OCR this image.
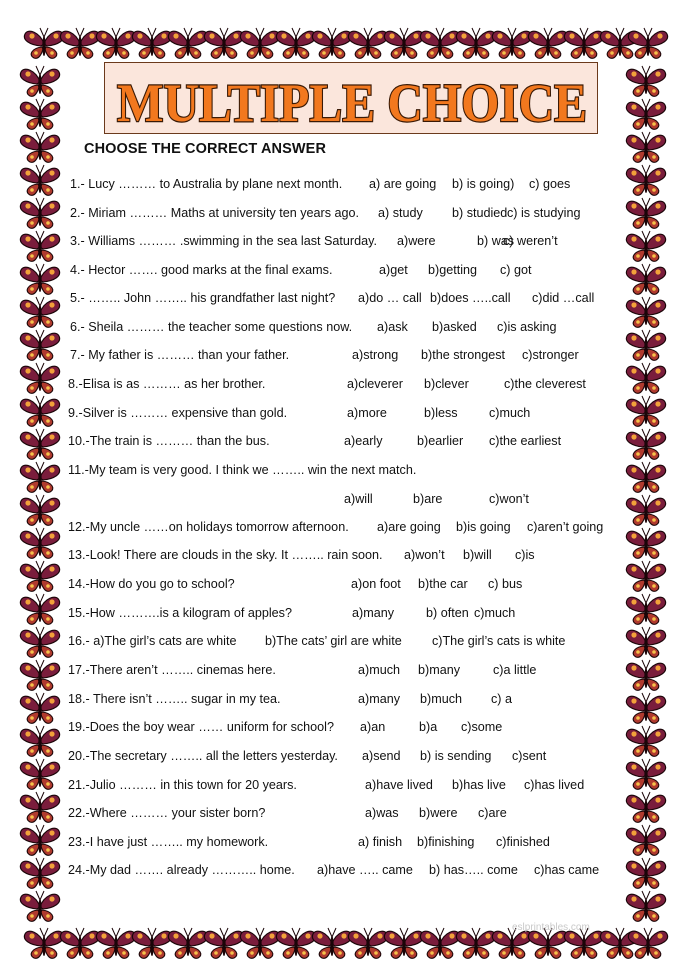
MULTIPLE CHOICE
CHOOSE THE CORRECT ANSWER
1.- Lucy ……… to Australia by plane next month. a) are going b) is going) c) goes
2.- Miriam ……… Maths at university ten years ago. a) study b) studied c) is studying
3.- Williams ……… .swimming in the sea last Saturday. a)were	b) was
c) weren’t
4.- Hector ……. good marks at the final exams.	a)get b)getting c) got
5.- …….. John …….. his grandfather last night? a)do … call b)does …..call c)did …call
6.- Sheila ……… the teacher some questions now. a)ask b)asked c)is asking
7.- My father is ……… than your father.	a)strong b)the strongest c)stronger
8.-Elisa is as ……… as her brother.	a)cleverer b)clever	c)the cleverest
9.-Silver is ……… expensive than gold.	a)more	b)less c)much
10.-The train is ……… than the bus.	a)early	b)earlier c)the earliest
11.-My team is very good. I think we …….. win the next match.
a)will	b)are	c)won’t
12.-My uncle ……on holidays tomorrow afternoon. a)are going b)is going c)aren’t going
13.-Look! There are clouds in the sky. It …….. rain soon. a)won’t b)will c)is
14.-How do you go to school?	a)on foot b)the car c) bus
15.-How ……….is a kilogram of apples?	a)many	b) often c)much
16.- a)The girl’s cats are white b)The cats’ girl are white c)The girl’s cats is white
17.-There aren’t …….. cinemas here.	a)much b)many	c)a little
18.- There isn’t …….. sugar in my tea.	a)many b)much c) a
19.-Does the boy wear …… uniform for school? a)an	b)a c)some
20.-The secretary …….. all the letters yesterday. a)send b) is sending c)sent
21.-Julio ……… in this town for 20 years.	a)have lived b)has live c)has lived
22.-Where ……… your sister born?	a)was b)were c)are
23.-I have just …….. my homework.	a) finish b)finishing c)finished
24.-My dad ……. already ……….. home. a)have ….. came b) has….. come c)has came
eslprintables.com
